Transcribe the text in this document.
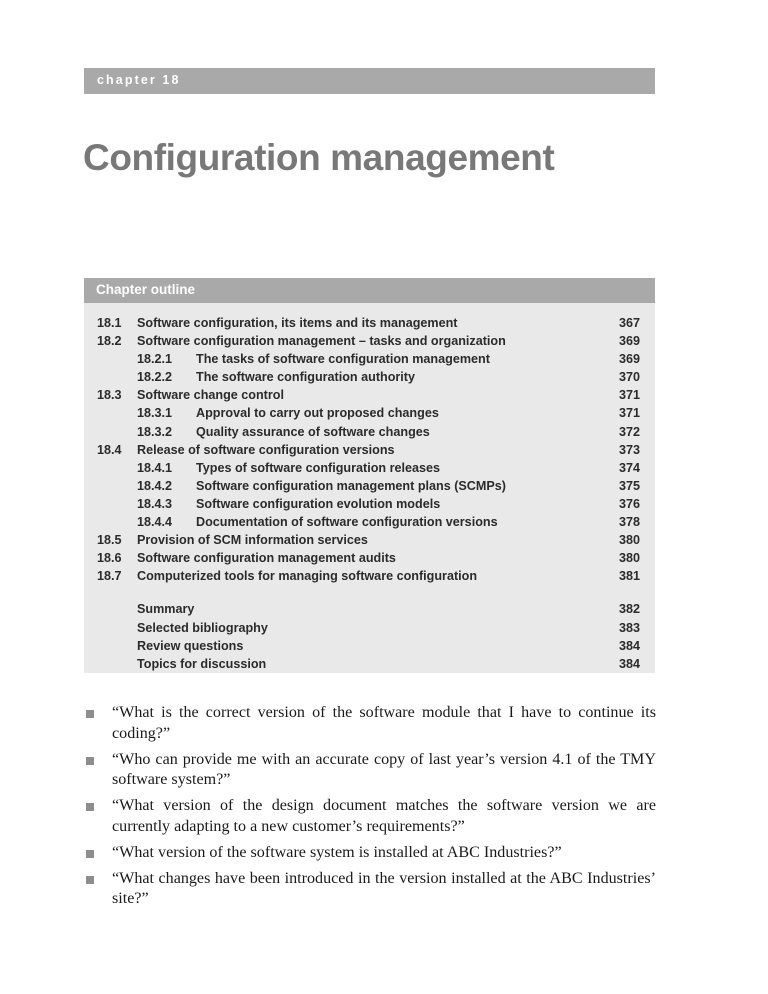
chapter 18
Configuration management
Chapter outline
18.1 Software configuration, its items and its management	367
18.2 Software configuration management – tasks and organization	369
18.2.1 The tasks of software configuration management	369
18.2.2 The software configuration authority	370
18.3 Software change control	371
18.3.1 Approval to carry out proposed changes	371
18.3.2 Quality assurance of software changes	372
18.4 Release of software configuration versions	373
18.4.1 Types of software configuration releases	374
18.4.2 Software configuration management plans (SCMPs)	375
18.4.3 Software configuration evolution models	376
18.4.4 Documentation of software configuration versions	378
18.5 Provision of SCM information services	380
18.6 Software configuration management audits	380
18.7 Computerized tools for managing software configuration	381
Summary	382
Selected bibliography	383
Review questions	384
Topics for discussion	384
“What is the correct version of the software module that I have to continue its coding?”
“Who can provide me with an accurate copy of last year’s version 4.1 of the TMY software system?”
“What version of the design document matches the software version we are currently adapting to a new customer’s requirements?”
“What version of the software system is installed at ABC Industries?”
“What changes have been introduced in the version installed at the ABC Industries’ site?”
